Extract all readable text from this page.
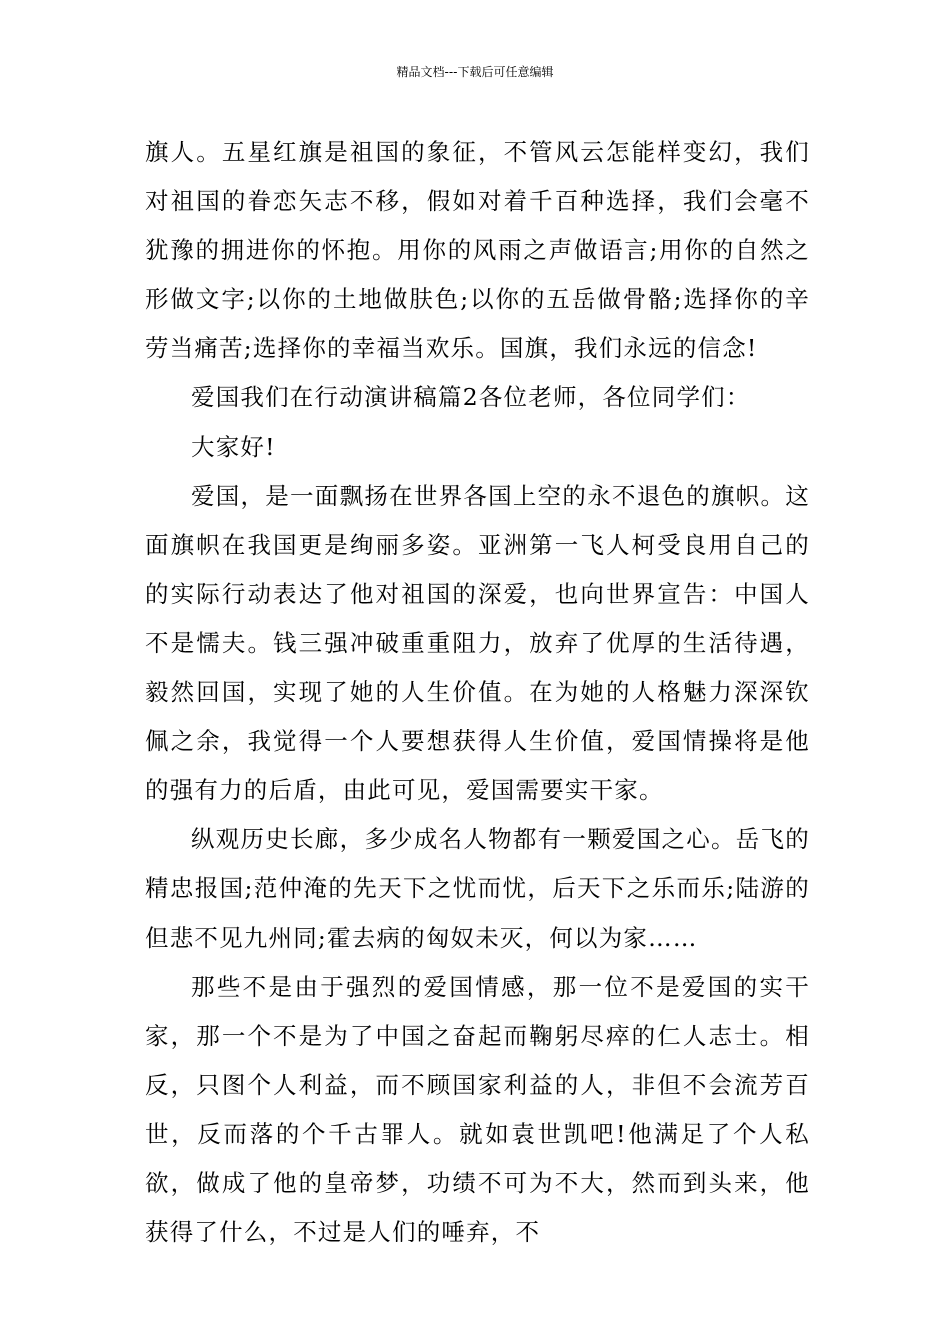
精品文档---下载后可任意编辑

旗人。五星红旗是祖国的象征，不管风云怎能样变幻，我们对祖国的眷恋矢志不移，假如对着千百种选择，我们会毫不犹豫的拥进你的怀抱。用你的风雨之声做语言;用你的自然之形做文字;以你的土地做肤色;以你的五岳做骨骼;选择你的辛劳当痛苦;选择你的幸福当欢乐。国旗，我们永远的信念!

爱国我们在行动演讲稿篇2各位老师，各位同学们：

大家好!

爱国，是一面飘扬在世界各国上空的永不退色的旗帜。这面旗帜在我国更是绚丽多姿。亚洲第一飞人柯受良用自己的的实际行动表达了他对祖国的深爱，也向世界宣告：中国人不是懦夫。钱三强冲破重重阻力，放弃了优厚的生活待遇，毅然回国，实现了她的人生价值。在为她的人格魅力深深钦佩之余，我觉得一个人要想获得人生价值，爱国情操将是他的强有力的后盾，由此可见，爱国需要实干家。

纵观历史长廊，多少成名人物都有一颗爱国之心。岳飞的精忠报国;范仲淹的先天下之忧而忧，后天下之乐而乐;陆游的但悲不见九州同;霍去病的匈奴未灭，何以为家……

那些不是由于强烈的爱国情感，那一位不是爱国的实干家，那一个不是为了中国之奋起而鞠躬尽瘁的仁人志士。相反，只图个人利益，而不顾国家利益的人，非但不会流芳百世，反而落的个千古罪人。就如袁世凯吧!他满足了个人私欲，做成了他的皇帝梦，功绩不可为不大，然而到头来，他获得了什么，不过是人们的唾弃，不
